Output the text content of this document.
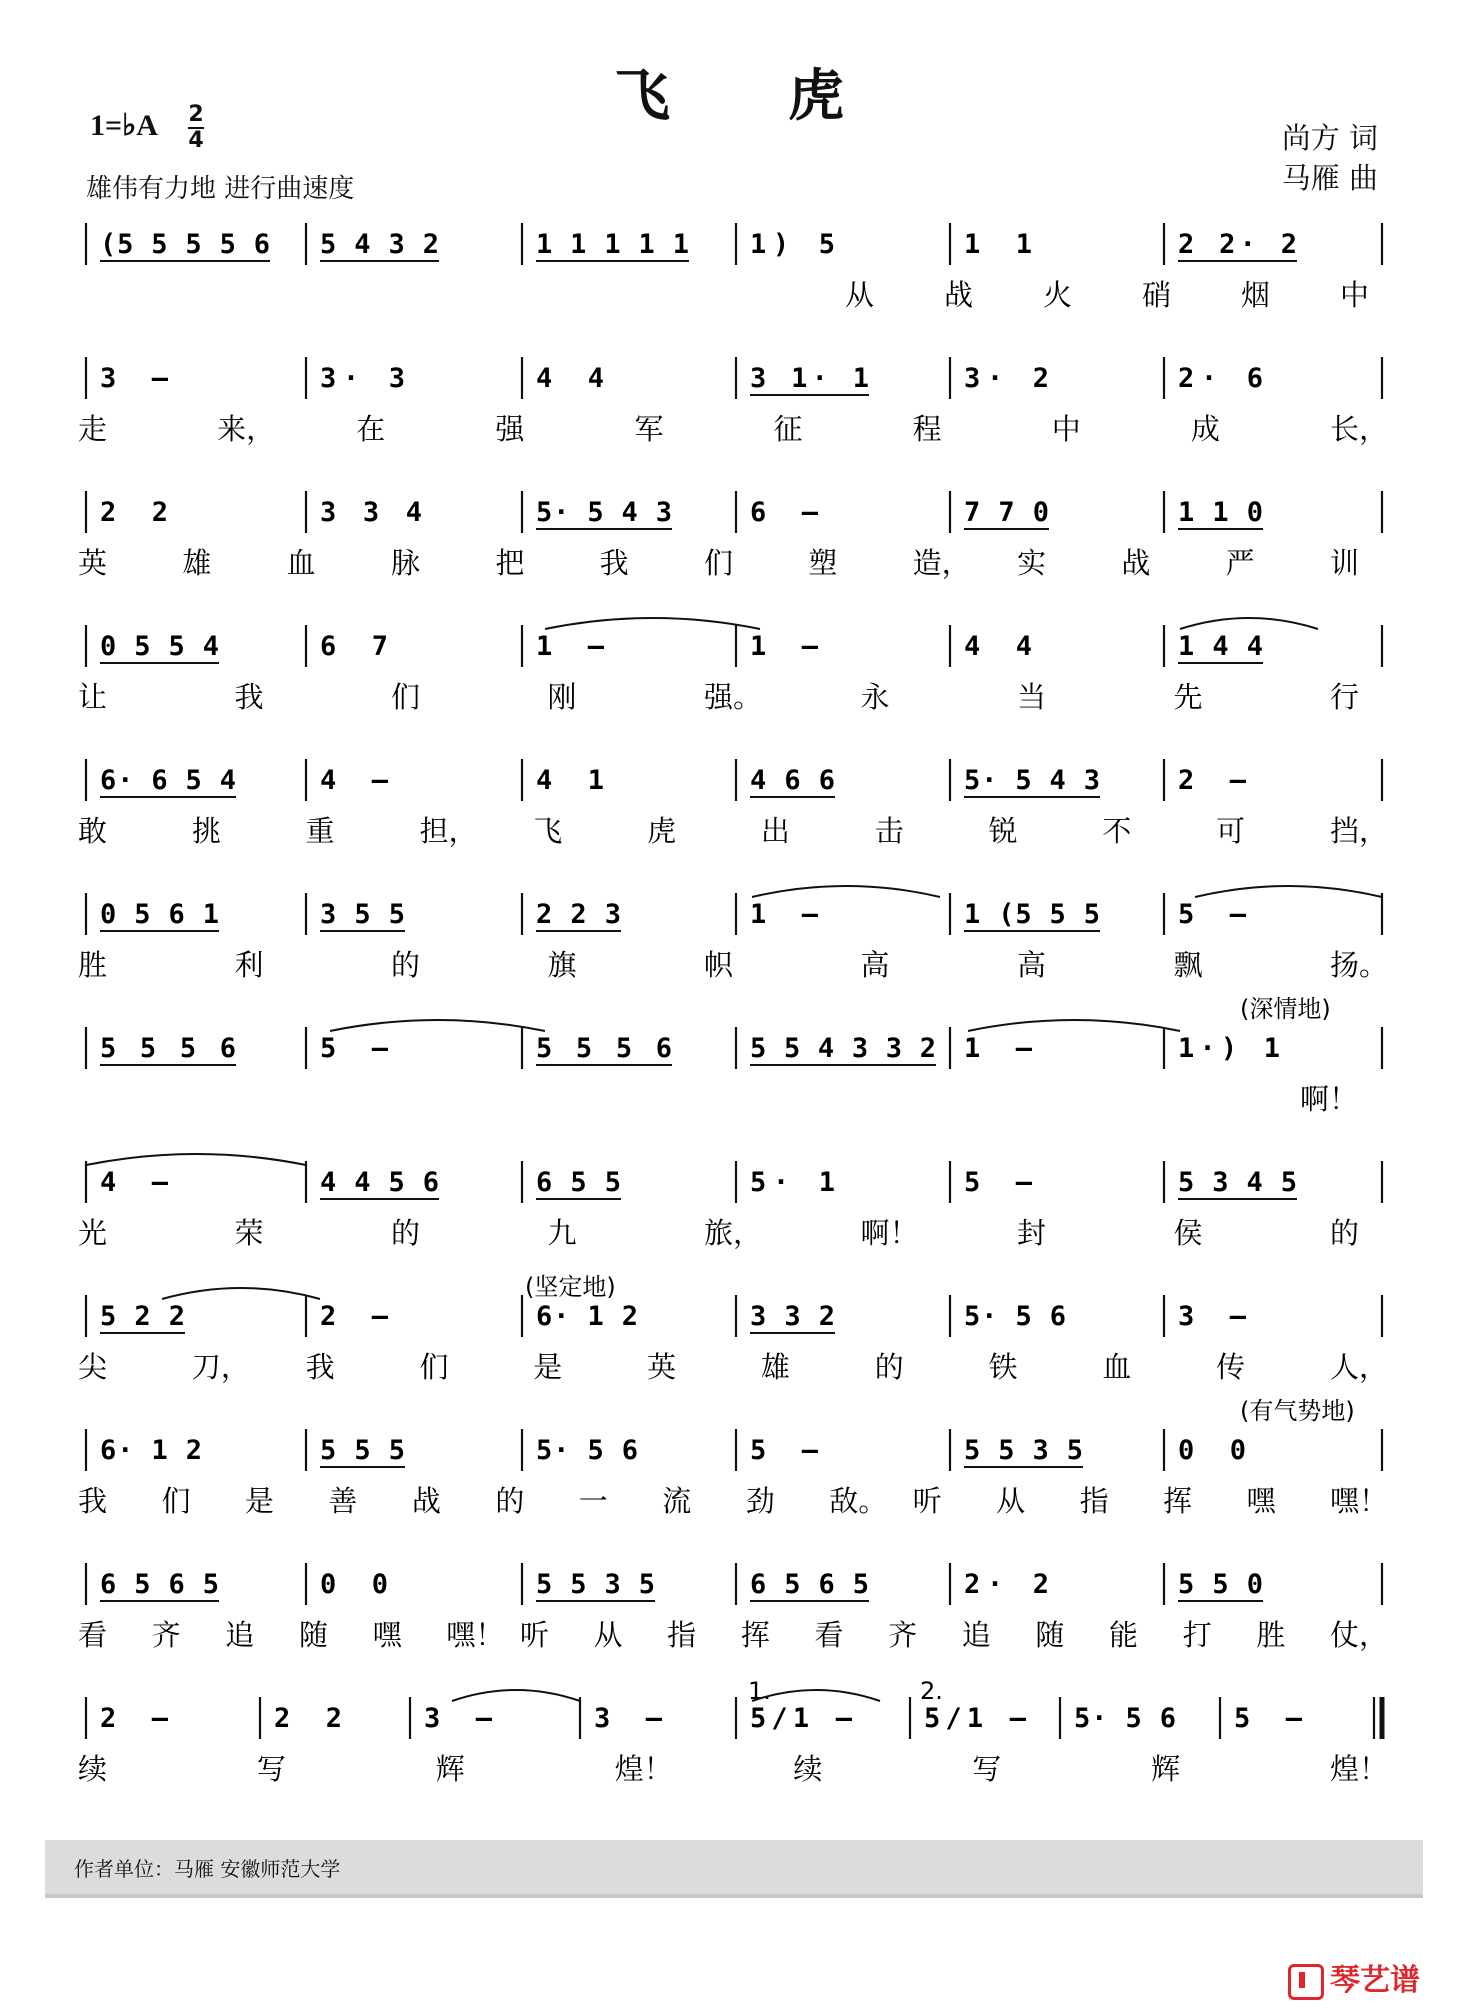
飞　　虎
1=♭A 2
4
雄伟有力地 进行曲速度
尚方 词
马雁 曲
(5 5 5 5 6 5 4 3 2	1 1 1 1 1 1) 5	1 1	2 2· 2
从 战 火 硝 烟 中
3 –	3· 3	4 4	3 1· 1	3· 2	2· 6
走	来，	在	强	军	征	程	中	成	长，
2 2	3 3 4	5· 5 4 3	6 –	7 7 0	1 1 0
英	雄	血	脉	把	我	们	塑	造， 实	战	严	训
0 5 5 4	6 7	1 –	1 –	4 4	1 4 4
让	我	们	刚	强。	永	当	先	行
6· 6 5 4	4 –	4 1	4 6 6	5· 5 4 3	2 –
敢	挑	重	担， 飞	虎	出	击	锐	不	可	挡，
0 5 6 1	3 5 5	2 2 3	1 –	1 (5 5 5	5 –
胜	利	的	旗	帜	高	高	飘	扬。
5 5 5 6	5 –	5 5 5 6	5 5 4 3 3 2 1 –	1·) 1
啊！
(深情地)
4 –	4 4 5 6	6 5 5	5· 1	5 –	5 3 4 5
光	荣	的	九	旅，	啊！	封	侯	的
5 2 2	2 –	6· 1 2	3 3 2	5· 5 6	3 –
尖	刀， 我	们	是	英	雄	的	铁	血	传	人，
(坚定地)
6· 1 2	5 5 5	5· 5 6	5 –	5 5 3 5	0 0
我 们 是 善 战 的 一 流 劲 敌。 听 从 指 挥 嘿 嘿！
(有气势地)
6 5 6 5	0 0	5 5 3 5	6 5 6 5	2· 2	5 5 0
看 齐 追 随 嘿 嘿！ 听 从 指 挥 看 齐 追 随 能 打 胜 仗，
2 –	2 2	3 –	3 –	5/1 –	5/1 – 5· 5 6 5 –
续	写	辉	煌！	续	写	辉	煌！
1.	2.
作者单位：马雁 安徽师范大学
琴艺谱
